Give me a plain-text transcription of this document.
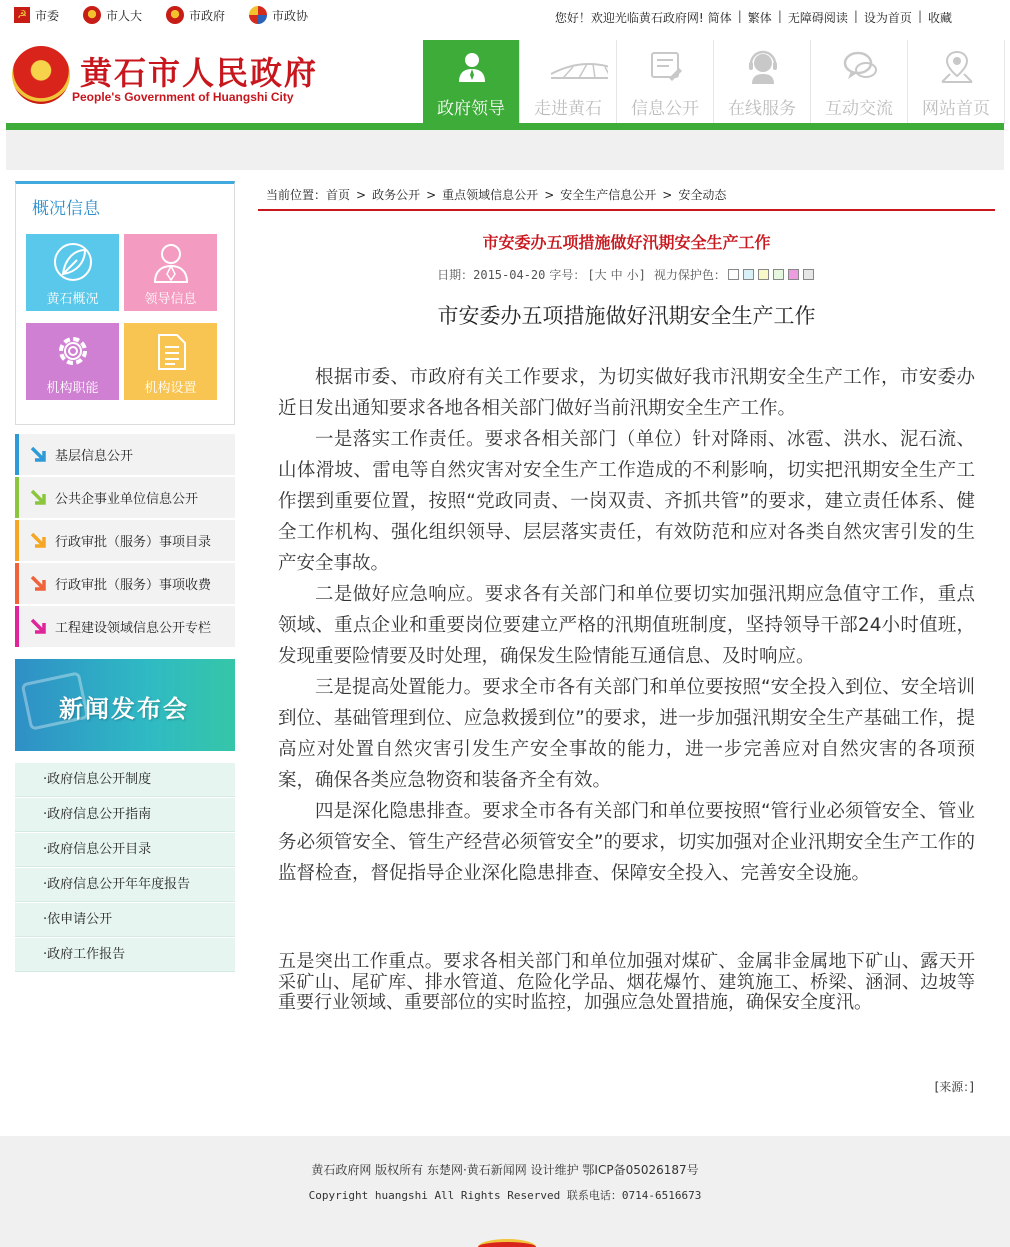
☭ 市委	市人大	市政府	市政协	您好！欢迎光临黄石政府网! 简体 | 繁体 | 无障碍阅读 | 设为首页 | 收藏
黄石市人民政府
People's Government of Huangshi City
政府领导	走进黄石	信息公开	在线服务	互动交流	网站首页
概况信息
黄石概况	领导信息
机构职能	机构设置
基层信息公开
公共企事业单位信息公开
行政审批（服务）事项目录
行政审批（服务）事项收费
工程建设领域信息公开专栏
新闻发布会
·政府信息公开制度
·政府信息公开指南
·政府信息公开目录
·政府信息公开年年度报告
·依申请公开
·政府工作报告
当前位置： 首页 > 政务公开 > 重点领域信息公开 > 安全生产信息公开 > 安全动态
市安委办五项措施做好汛期安全生产工作
日期： 2015-04-20 字号： [大 中 小] 视力保护色：
市安委办五项措施做好汛期安全生产工作

根据市委、市政府有关工作要求，为切实做好我市汛期安全生产工作，市安委办近日发出通知要求各地各相关部门做好当前汛期安全生产工作。

一是落实工作责任。要求各相关部门（单位）针对降雨、冰雹、洪水、泥石流、山体滑坡、雷电等自然灾害对安全生产工作造成的不利影响，切实把汛期安全生产工作摆到重要位置，按照“党政同责、一岗双责、齐抓共管”的要求，建立责任体系、健全工作机构、强化组织领导、层层落实责任，有效防范和应对各类自然灾害引发的生产安全事故。

二是做好应急响应。要求各有关部门和单位要切实加强汛期应急值守工作，重点领域、重点企业和重要岗位要建立严格的汛期值班制度，坚持领导干部24小时值班，发现重要险情要及时处理，确保发生险情能互通信息、及时响应。

三是提高处置能力。要求全市各有关部门和单位要按照“安全投入到位、安全培训到位、基础管理到位、应急救援到位”的要求，进一步加强汛期安全生产基础工作，提高应对处置自然灾害引发生产安全事故的能力，进一步完善应对自然灾害的各项预案，确保各类应急物资和装备齐全有效。

四是深化隐患排查。要求全市各有关部门和单位要按照“管行业必须管安全、管业务必须管安全、管生产经营必须管安全”的要求，切实加强对企业汛期安全生产工作的监督检查，督促指导企业深化隐患排查、保障安全投入、完善安全设施。

五是突出工作重点。要求各相关部门和单位加强对煤矿、金属非金属地下矿山、露天开采矿山、尾矿库、排水管道、危险化学品、烟花爆竹、建筑施工、桥梁、涵洞、边坡等重要行业领域、重要部位的实时监控，加强应急处置措施，确保安全度汛。
[来源：]
黄石政府网 版权所有 东楚网·黄石新闻网 设计维护 鄂ICP备05026187号
Copyright huangshi All Rights Reserved 联系电话：0714-6516673
